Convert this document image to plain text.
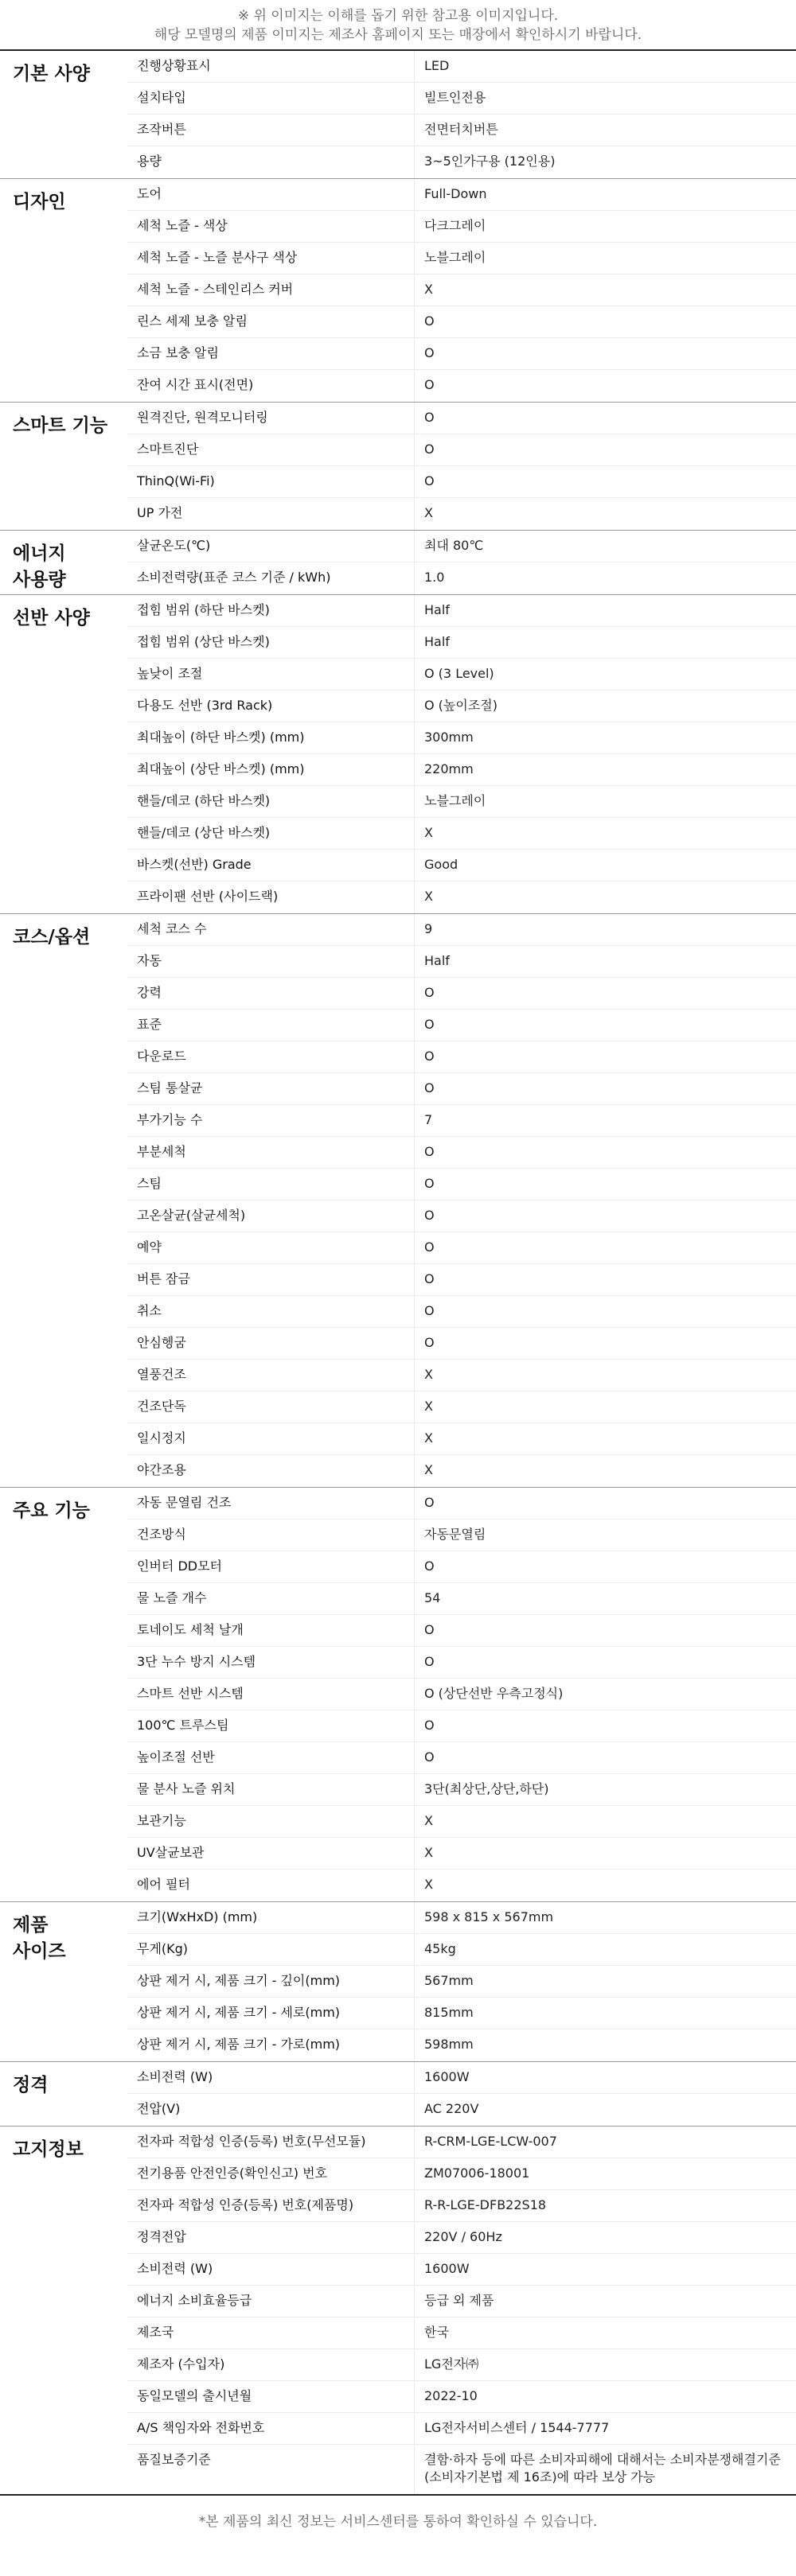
※ 위 이미지는 이해를 돕기 위한 참고용 이미지입니다.
해당 모델명의 제품 이미지는 제조사 홈페이지 또는 매장에서 확인하시기 바랍니다.
기본 사양	진행상황표시	LED
설치타입	빌트인전용
조작버튼	전면터치버튼
용량	3~5인가구용 (12인용)
디자인	도어	Full-Down
세척 노즐 - 색상	다크그레이
세척 노즐 - 노즐 분사구 색상	노블그레이
세척 노즐 - 스테인리스 커버	X
린스 세제 보충 알림	O
소금 보충 알림	O
잔여 시간 표시(전면)	O
스마트 기능	원격진단, 원격모니터링	O
스마트진단	O
ThinQ(Wi-Fi)	O
UP 가전	X
에너지
사용량
살균온도(℃)	최대 80℃
소비전력량(표준 코스 기준 / kWh)	1.0
선반 사양	접힘 범위 (하단 바스켓)	Half
접힘 범위 (상단 바스켓)	Half
높낮이 조절	O (3 Level)
다용도 선반 (3rd Rack)	O (높이조절)
최대높이 (하단 바스켓) (mm)	300mm
최대높이 (상단 바스켓) (mm)	220mm
핸들/데코 (하단 바스켓)	노블그레이
핸들/데코 (상단 바스켓)	X
바스켓(선반) Grade	Good
프라이팬 선반 (사이드랙)	X
코스/옵션	세척 코스 수	9
자동	Half
강력	O
표준	O
다운로드	O
스팀 통살균	O
부가기능 수	7
부분세척	O
스팀	O
고온살균(살균세척)	O
예약	O
버튼 잠금	O
취소	O
안심헹굼	O
열풍건조	X
건조단독	X
일시정지	X
야간조용	X
주요 기능	자동 문열림 건조	O
건조방식	자동문열림
인버터 DD모터	O
물 노즐 개수	54
토네이도 세척 날개	O
3단 누수 방지 시스템	O
스마트 선반 시스템	O (상단선반 우측고정식)
100℃ 트루스팀	O
높이조절 선반	O
물 분사 노즐 위치	3단(최상단,상단,하단)
보관기능	X
UV살균보관	X
에어 필터	X
제품
사이즈
크기(WxHxD) (mm)	598 x 815 x 567mm
무게(Kg)	45kg
상판 제거 시, 제품 크기 - 깊이(mm)	567mm
상판 제거 시, 제품 크기 - 세로(mm)	815mm
상판 제거 시, 제품 크기 - 가로(mm)	598mm
정격	소비전력 (W)	1600W
전압(V)	AC 220V
고지정보	전자파 적합성 인증(등록) 번호(무선모듈)	R-CRM-LGE-LCW-007
전기용품 안전인증(확인신고) 번호	ZM07006-18001
전자파 적합성 인증(등록) 번호(제품명)	R-R-LGE-DFB22S18
정격전압	220V / 60Hz
소비전력 (W)	1600W
에너지 소비효율등급	등급 외 제품
제조국	한국
제조자 (수입자)	LG전자㈜
동일모델의 출시년월	2022-10
A/S 책임자와 전화번호	LG전자서비스센터 / 1544-7777
품질보증기준	결함·하자 등에 따른 소비자피해에 대해서는 소비자분쟁해결기준(소비자기본법 제 16조)에 따라 보상 가능
*본 제품의 최신 정보는 서비스센터를 통하여 확인하실 수 있습니다.
